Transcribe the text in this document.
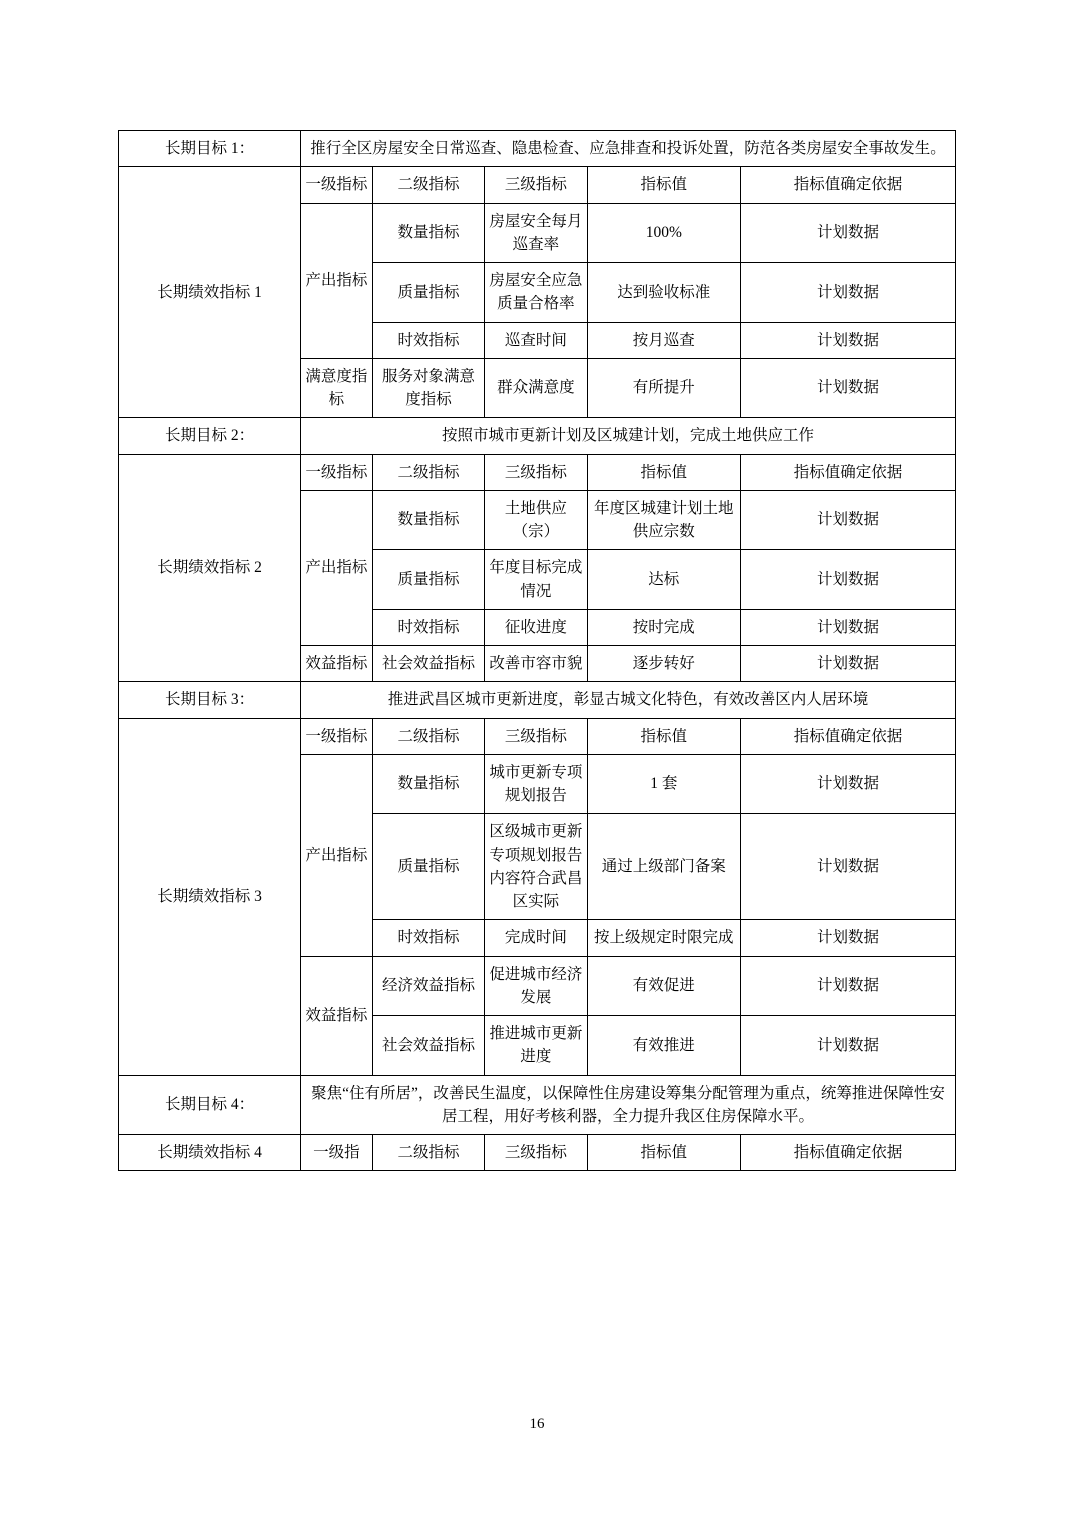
长期目标 1：	推行全区房屋安全日常巡查、隐患检查、应急排查和投诉处置，防范各类房屋安全事故发生。				
长期绩效指标 1	一级指标	二级指标	三级指标	指标值	指标值确定依据
	产出指标	数量指标	房屋安全每月巡查率	100%	计划数据
		质量指标	房屋安全应急质量合格率	达到验收标准	计划数据
		时效指标	巡查时间	按月巡查	计划数据
	满意度指标	服务对象满意度指标	群众满意度	有所提升	计划数据
长期目标 2：	按照市城市更新计划及区城建计划，完成土地供应工作				
长期绩效指标 2	一级指标	二级指标	三级指标	指标值	指标值确定依据
	产出指标	数量指标	土地供应（宗）	年度区城建计划土地供应宗数	计划数据
		质量指标	年度目标完成情况	达标	计划数据
		时效指标	征收进度	按时完成	计划数据
	效益指标	社会效益指标	改善市容市貌	逐步转好	计划数据
长期目标 3：	推进武昌区城市更新进度，彰显古城文化特色，有效改善区内人居环境				
长期绩效指标 3	一级指标	二级指标	三级指标	指标值	指标值确定依据
	产出指标	数量指标	城市更新专项规划报告	1 套	计划数据
		质量指标	区级城市更新专项规划报告内容符合武昌区实际	通过上级部门备案	计划数据
		时效指标	完成时间	按上级规定时限完成	计划数据
	效益指标	经济效益指标	促进城市经济发展	有效促进	计划数据
		社会效益指标	推进城市更新进度	有效推进	计划数据
长期目标 4：	聚焦“住有所居”，改善民生温度，以保障性住房建设筹集分配管理为重点，统筹推进保障性安居工程，用好考核利器，全力提升我区住房保障水平。				
长期绩效指标 4	一级指	二级指标	三级指标	指标值	指标值确定依据
16
